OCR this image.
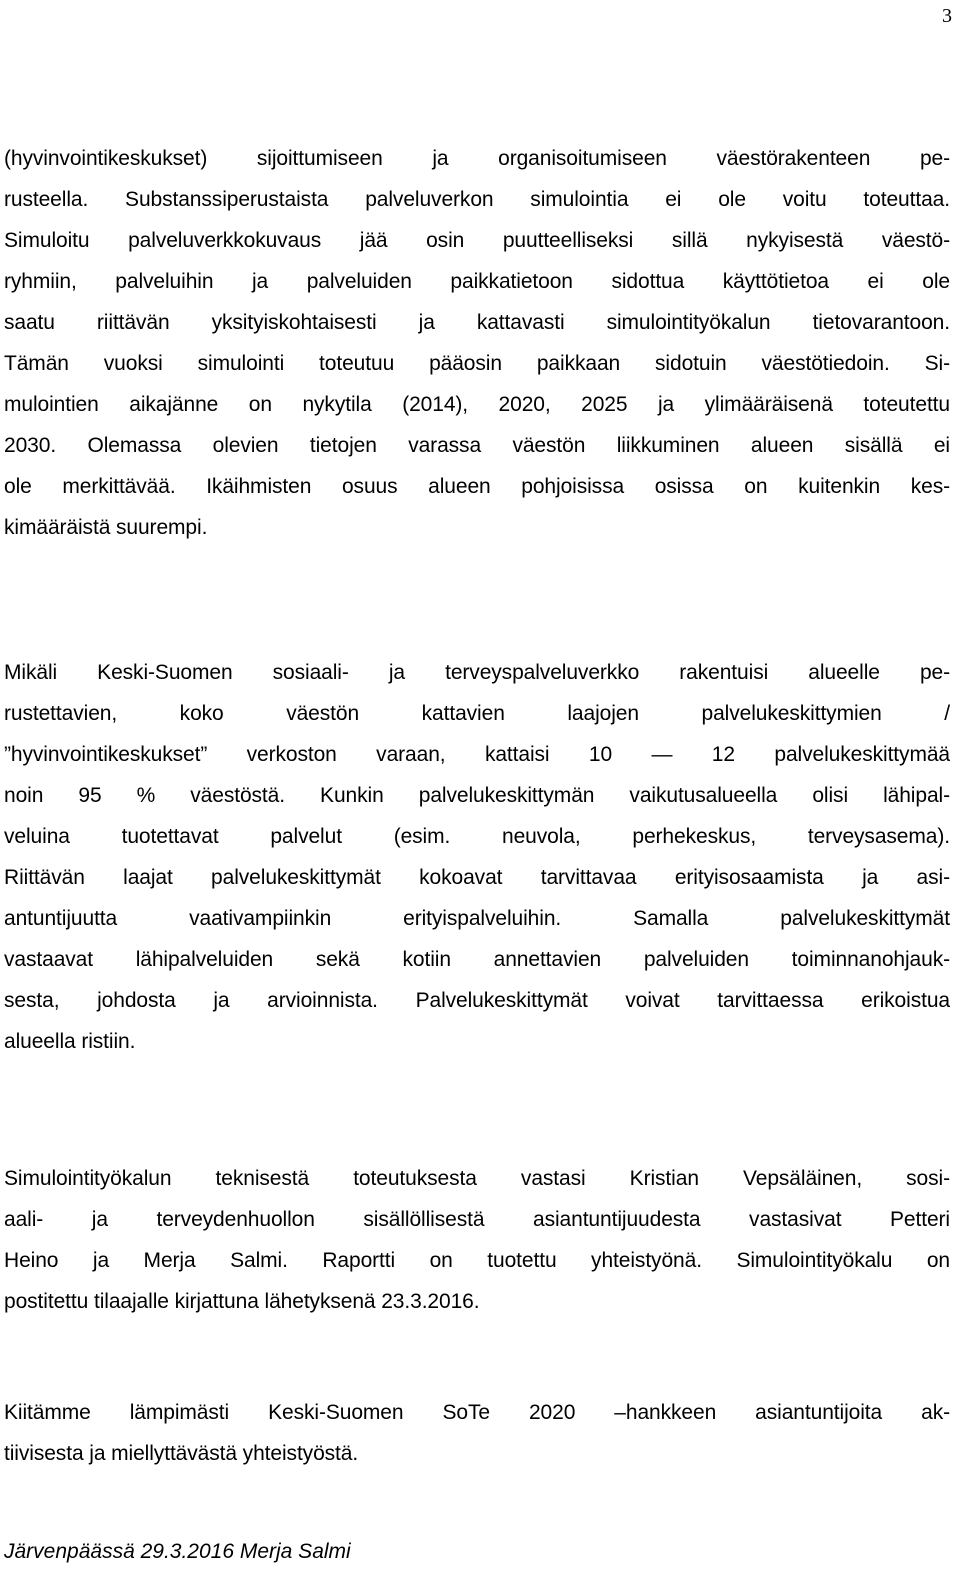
3
(hyvinvointikeskukset) sijoittumiseen ja organisoitumiseen väestörakenteen pe-
rusteella. Substanssiperustaista palveluverkon simulointia ei ole voitu toteuttaa.
Simuloitu palveluverkkokuvaus jää osin puutteelliseksi sillä nykyisestä väestö-
ryhmiin, palveluihin ja palveluiden paikkatietoon sidottua käyttötietoa ei ole
saatu riittävän yksityiskohtaisesti ja kattavasti simulointityökalun tietovarantoon.
Tämän vuoksi simulointi toteutuu pääosin paikkaan sidotuin väestötiedoin. Si-
mulointien aikajänne on nykytila (2014), 2020, 2025 ja ylimääräisenä toteutettu
2030. Olemassa olevien tietojen varassa väestön liikkuminen alueen sisällä ei
ole merkittävää. Ikäihmisten osuus alueen pohjoisissa osissa on kuitenkin kes-
kimääräistä suurempi.
Mikäli Keski-Suomen sosiaali- ja terveyspalveluverkko rakentuisi alueelle pe-
rustettavien, koko väestön kattavien laajojen palvelukeskittymien /
”hyvinvointikeskukset” verkoston varaan, kattaisi 10 — 12 palvelukeskittymää
noin 95 % väestöstä. Kunkin palvelukeskittymän vaikutusalueella olisi lähipal-
veluina tuotettavat palvelut (esim. neuvola, perhekeskus, terveysasema).
Riittävän laajat palvelukeskittymät kokoavat tarvittavaa erityisosaamista ja asi-
antuntijuutta vaativampiinkin erityispalveluihin. Samalla palvelukeskittymät
vastaavat lähipalveluiden sekä kotiin annettavien palveluiden toiminnanohjauk-
sesta, johdosta ja arvioinnista. Palvelukeskittymät voivat tarvittaessa erikoistua
alueella ristiin.
Simulointityökalun teknisestä toteutuksesta vastasi Kristian Vepsäläinen, sosi-
aali- ja terveydenhuollon sisällöllisestä asiantuntijuudesta vastasivat Petteri
Heino ja Merja Salmi. Raportti on tuotettu yhteistyönä. Simulointityökalu on
postitettu tilaajalle kirjattuna lähetyksenä 23.3.2016.
Kiitämme lämpimästi Keski-Suomen SoTe 2020 –hankkeen asiantuntijoita ak-
tiivisesta ja miellyttävästä yhteistyöstä.
Järvenpäässä 29.3.2016 Merja Salmi
